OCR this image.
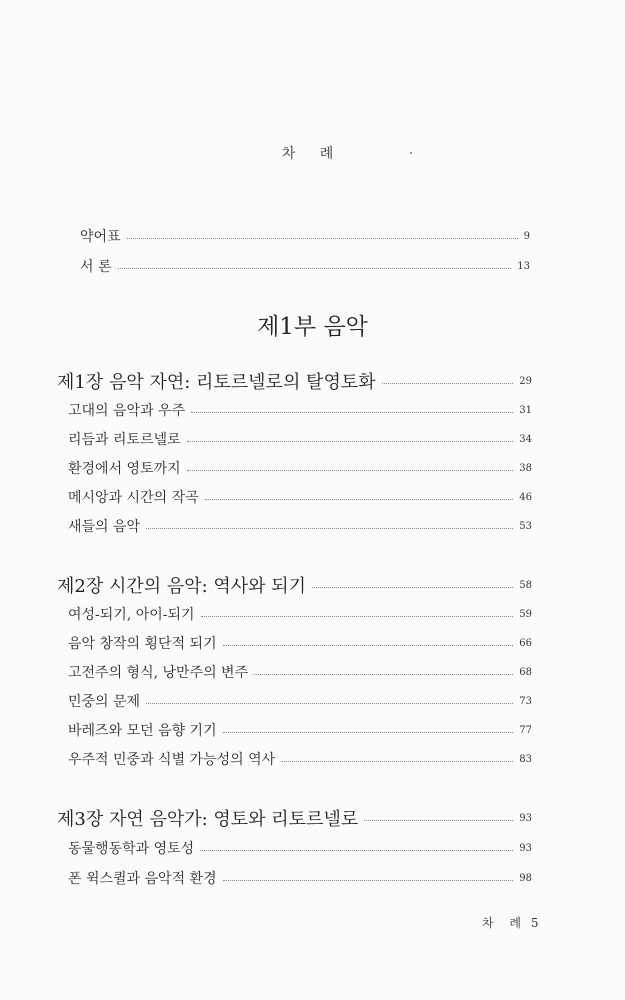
차 례
약어표	9
서 론	13
제1부 음악
제1장 음악 자연: 리토르넬로의 탈영토화	29
고대의 음악과 우주	31
리듬과 리토르넬로	34
환경에서 영토까지	38
메시앙과 시간의 작곡	46
새들의 음악	53
제2장 시간의 음악: 역사와 되기	58
여성-되기, 아이-되기	59
음악 창작의 횡단적 되기	66
고전주의 형식, 낭만주의 변주	68
민중의 문제	73
바레즈와 모던 음향 기기	77
우주적 민중과 식별 가능성의 역사	83
제3장 자연 음악가: 영토와 리토르넬로	93
동물행동학과 영토성	93
폰 윅스퀼과 음악적 환경	98
차 례 5
